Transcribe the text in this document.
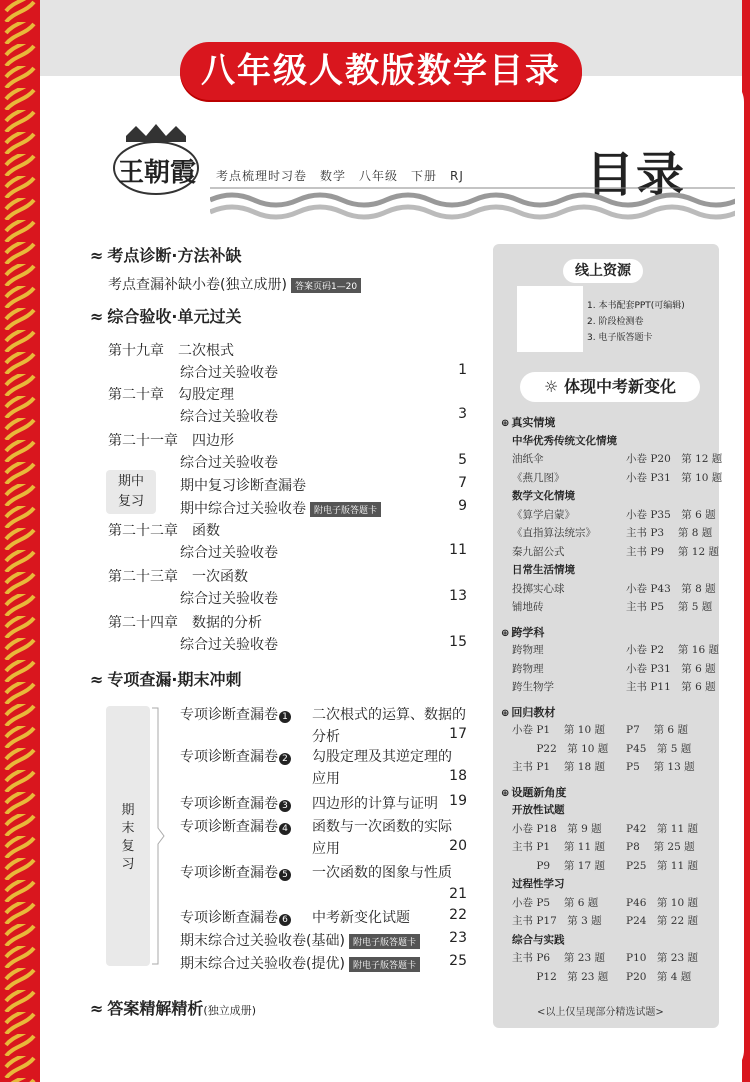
八年级人教版数学目录
王朝霞 考点梳理时习卷　数学　八年级　下册　RJ	目录
≈ 考点诊断·方法补缺
考点查漏补缺小卷(独立成册) 答案页码1—20
≈ 综合验收·单元过关
第十九章　二次根式
综合过关验收卷	1
第二十章　勾股定理
综合过关验收卷	3
第二十一章　四边形
综合过关验收卷	5
第二十二章　函数
综合过关验收卷	11
第二十三章　一次函数
综合过关验收卷	13
第二十四章　数据的分析
综合过关验收卷	15
期中
复习
期中复习诊断查漏卷	7
期中综合过关验收卷 附电子版答题卡	9
≈ 专项查漏·期末冲刺
期
末
复
习
专项诊断查漏卷 1 二次根式的运算、数据的
分析	17
专项诊断查漏卷 2 勾股定理及其逆定理的
应用	18
专项诊断查漏卷 3 四边形的计算与证明 19
专项诊断查漏卷 4 函数与一次函数的实际
应用	20
专项诊断查漏卷 5 一次函数的图象与性质
21
专项诊断查漏卷 6 中考新变化试题	22
期末综合过关验收卷(基础) 附电子版答题卡	23
期末综合过关验收卷(提优) 附电子版答题卡	25
≈ 答案精解精析(独立成册)
线上资源
1. 本书配套PPT(可编辑)
2. 阶段检测卷
3. 电子版答题卡
☼ 体现中考新变化
⊕ 真实情境
中华优秀传统文化情境
油纸伞	小卷 P20　第 12 题
《燕几图》	小卷 P31　第 10 题
数学文化情境
《算学启蒙》	小卷 P35　第 6 题
《直指算法统宗》	主书 P3　 第 8 题
秦九韶公式	主书 P9　 第 12 题
日常生活情境
投掷实心球	小卷 P43　第 8 题
铺地砖	主书 P5　 第 5 题
⊕ 跨学科
跨物理	小卷 P2　 第 16 题
跨物理	小卷 P31　第 6 题
跨生物学	主书 P11　第 6 题
⊕ 回归教材
小卷 P1　 第 10 题 P7　 第 6 题
　　 P22　第 10 题 P45　第 5 题
主书 P1　 第 18 题 P5　 第 13 题
⊕ 设题新角度
开放性试题
小卷 P18　第 9 题 P42　第 11 题
主书 P1　 第 11 题 P8　 第 25 题
　　 P9　 第 17 题 P25　第 11 题
过程性学习
小卷 P5　 第 6 题	P46　第 10 题
主书 P17　第 3 题 P24　第 22 题
综合与实践
主书 P6　 第 23 题 P10　第 23 题
　　 P12　第 23 题 P20　第 4 题
<以上仅呈现部分精选试题>
